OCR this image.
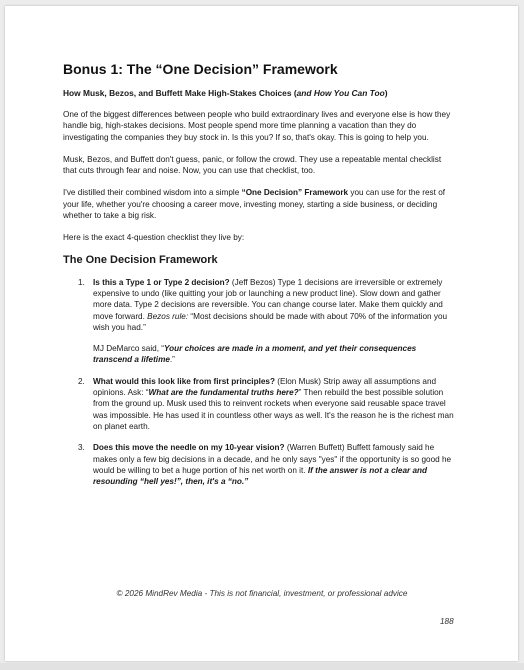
Bonus 1: The “One Decision” Framework
How Musk, Bezos, and Buffett Make High-Stakes Choices (and How You Can Too)

One of the biggest differences between people who build extraordinary lives and everyone else is how they handle big, high-stakes decisions. Most people spend more time planning a vacation than they do investigating the companies they buy stock in. Is this you? If so, that's okay. This is going to help you.

Musk, Bezos, and Buffett don't guess, panic, or follow the crowd. They use a repeatable mental checklist that cuts through fear and noise. Now, you can use that checklist, too.

I've distilled their combined wisdom into a simple “One Decision” Framework you can use for the rest of your life, whether you're choosing a career move, investing money, starting a side business, or deciding whether to take a big risk.

Here is the exact 4-question checklist they live by:

The One Decision Framework
1. Is this a Type 1 or Type 2 decision? (Jeff Bezos) Type 1 decisions are irreversible or extremely expensive to undo (like quitting your job or launching a new product line). Slow down and gather more data. Type 2 decisions are reversible. You can change course later. Make them quickly and move forward. Bezos rule: “Most decisions should be made with about 70% of the information you wish you had.”
MJ DeMarco said, “Your choices are made in a moment, and yet their consequences transcend a lifetime.”
2. What would this look like from first principles? (Elon Musk) Strip away all assumptions and opinions. Ask: “What are the fundamental truths here?” Then rebuild the best possible solution from the ground up. Musk used this to reinvent rockets when everyone said reusable space travel was impossible. He has used it in countless other ways as well. It's the reason he is the richest man on planet earth.
3. Does this move the needle on my 10-year vision? (Warren Buffett) Buffett famously said he makes only a few big decisions in a decade, and he only says "yes" if the opportunity is so good he would be willing to bet a huge portion of his net worth on it. If the answer is not a clear and resounding “hell yes!”, then, it's a “no.”
© 2026 MindRev Media - This is not financial, investment, or professional advice
188
